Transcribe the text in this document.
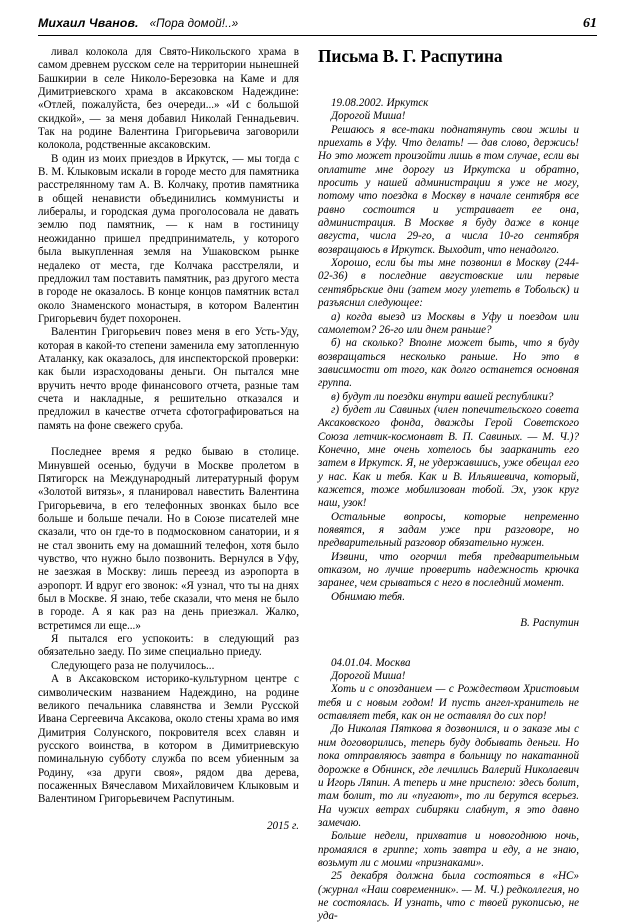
Михаил Чванов. «Пора домой!..»	61

ливал колокола для Свято-Никольского храма в самом древнем русском селе на территории нынешней Башкирии в селе Николо-Березовка на Каме и для Димитриевского храма в аксаковском Надеждине: «Отлей, пожалуйста, без очереди...» «И с большой скидкой», — за меня добавил Николай Геннадьевич. Так на родине Валентина Григорьевича заговорили колокола, родственные аксаковским.

В один из моих приездов в Иркутск, — мы тогда с В. М. Клыковым искали в городе место для памятника расстрелянному там А. В. Колчаку, против памятника в общей ненависти объединились коммунисты и либералы, и городская дума проголосовала не давать землю под памятник, — к нам в гостиницу неожиданно пришел предприниматель, у которого была выкупленная земля на Ушаковском рынке недалеко от места, где Колчака расстреляли, и предложил там поставить памятник, раз другого места в городе не оказалось. В конце концов памятник встал около Знаменского монастыря, в котором Валентин Григорьевич будет похоронен.

Валентин Григорьевич повез меня в его Усть-Уду, которая в какой-то степени заменила ему затопленную Аталанку, как оказалось, для инспекторской проверки: как были израсходованы деньги. Он пытался мне вручить нечто вроде финансового отчета, разные там счета и накладные, я решительно отказался и предложил в качестве отчета сфотографироваться на память на фоне свежего сруба.

Последнее время я редко бываю в столице. Минувшей осенью, будучи в Москве пролетом в Пятигорск на Международный литературный форум «Золотой витязь», я планировал навестить Валентина Григорьевича, в его телефонных звонках было все больше и больше печали. Но в Союзе писателей мне сказали, что он где-то в подмосковном санатории, и я не стал звонить ему на домашний телефон, хотя было чувство, что нужно было позвонить. Вернулся в Уфу, не заезжая в Москву: лишь переезд из аэропорта в аэропорт. И вдруг его звонок: «Я узнал, что ты на днях был в Москве. Я знаю, тебе сказали, что меня не было в городе. А я как раз на день приезжал. Жалко, встретимся ли еще...»

Я пытался его успокоить: в следующий раз обязательно заеду. По зиме специально приеду.

Следующего раза не получилось...

А в Аксаковском историко-культурном центре с символическим названием Надеждино, на родине великого печальника славянства и Земли Русской Ивана Сергеевича Аксакова, около стены храма во имя Димитрия Солунского, покровителя всех славян и русского воинства, в котором в Димитриевскую поминальную субботу служба по всем убиенным за Родину, «за други своя», рядом два дерева, посаженных Вячеславом Михайловичем Клыковым и Валентином Григорьевичем Распутиным.

2015 г.

Письма В. Г. Распутина

19.08.2002. Иркутск

Дорогой Миша!

Решаюсь я все-таки поднатянуть свои жилы и приехать в Уфу. Что делать! — дав слово, держись! Но это может произойти лишь в том случае, если вы оплатите мне дорогу из Иркутска и обратно, просить у нашей администрации я уже не могу, потому что поездка в Москву в начале сентября все равно состоится и устраивает ее она, администрация. В Москве я буду даже в конце августа, числа 29-го, а числа 10-го сентября возвращаюсь в Иркутск. Выходит, что ненадолго.

Хорошо, если бы ты мне позвонил в Москву (244-02-36) в последние августовские или первые сентябрьские дни (затем могу улететь в Тобольск) и разъяснил следующее:

а) когда выезд из Москвы в Уфу и поездом или самолетом? 26-го или днем раньше?

б) на сколько? Вполне может быть, что я буду возвращаться несколько раньше. Но это в зависимости от того, как долго останется основная группа.

в) будут ли поездки внутри вашей республики?

г) будет ли Савиных (член попечительского совета Аксаковского фонда, дважды Герой Советского Союза летчик-космонавт В. П. Савиных. — М. Ч.)? Конечно, мне очень хотелось бы заарканить его затем в Иркутск. Я, не удержавшись, уже обещал его у нас. Как и тебя. Как и В. Ильяшевича, который, кажется, тоже мобилизован тобой. Эх, узок круг наш, узок!

Остальные вопросы, которые непременно появятся, я задам уже при разговоре, но предварительный разговор обязательно нужен.

Извини, что огорчил тебя предварительным отказом, но лучше проверить надежность крючка заранее, чем срываться с него в последний момент.

Обнимаю тебя.

В. Распутин

04.01.04. Москва

Дорогой Миша!

Хоть и с опозданием — с Рождеством Христовым тебя и с новым годом! И пусть ангел-хранитель не оставляет тебя, как он не оставлял до сих пор!

До Николая Пяткова я дозвонился, и о заказе мы с ним договорились, теперь буду добывать деньги. Но пока отправляюсь завтра в больницу по накатанной дорожке в Обнинск, где лечились Валерий Николаевич и Игорь Ляпин. А теперь и мне приспело: здесь болит, там болит, то ли «пугают», то ли берутся всерьез. На чужих ветрах сибиряки слабнут, я это давно замечаю.

Больше недели, прихватив и новогоднюю ночь, промаялся в гриппе; хоть завтра и еду, а не знаю, возьмут ли с моими «признаками».

25 декабря должна была состояться в «НС» (журнал «Наш современник». — М. Ч.) редколлегия, но не состоялась. И узнать, что с твоей рукописью, не уда-
